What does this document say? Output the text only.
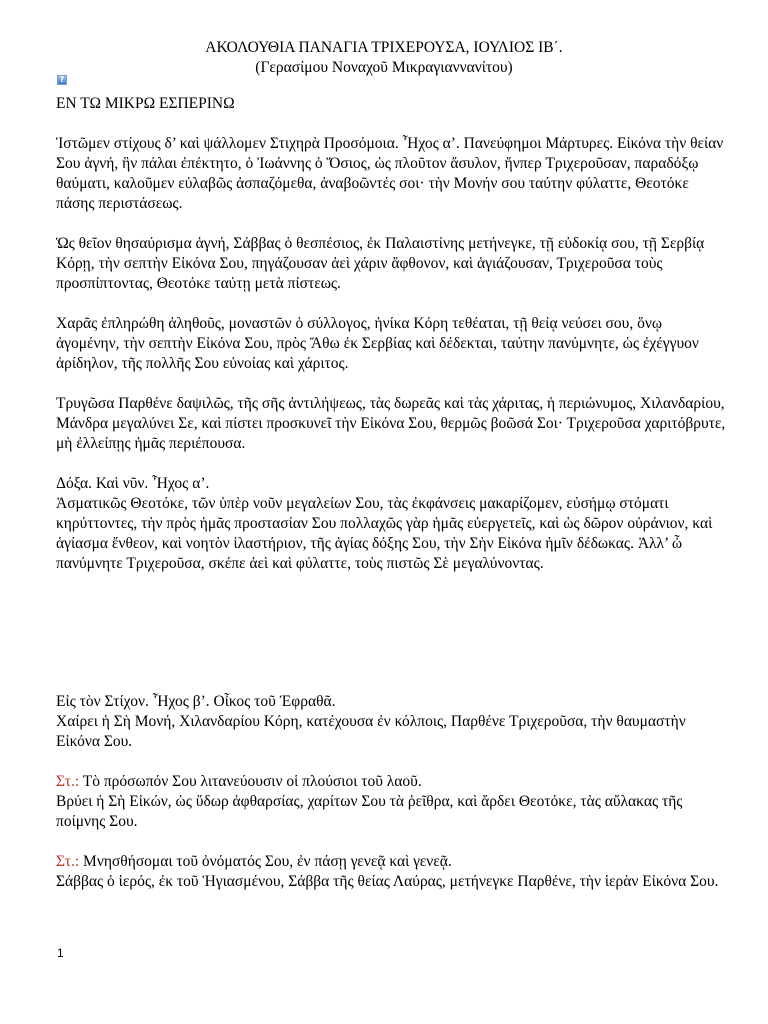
ΑΚΟΛΟΥΘΙΑ ΠΑΝΑΓΙΑ ΤΡΙΧΕΡΟΥΣΑ, ΙΟΥΛΙΟΣ ΙΒ΄.
(Γερασίμου Νοναχοῦ Μικραγιαννανίτου)
?

ΕΝ ΤΩ ΜΙΚΡΩ ΕΣΠΕΡΙΝΩ

Ἱστῶμεν στίχους δ’ καὶ ψάλλομεν Στιχηρὰ Προσόμοια. Ἦχος α’. Πανεύφημοι Μάρτυρες. Εἰκόνα τὴν θείαν Σου ἁγνή, ἣν πάλαι ἐπέκτητο, ὁ Ἰωάννης ὁ Ὅσιος, ὡς πλοῦτον ἄσυλον, ἥνπερ Τριχεροῦσαν, παραδόξῳ θαύματι, καλοῦμεν εὐλαβῶς ἀσπαζόμεθα, ἀναβοῶντές σοι· τὴν Μονήν σου ταύτην φύλαττε, Θεοτόκε πάσης περιστάσεως.

Ὡς θεῖον θησαύρισμα ἁγνή, Σάββας ὁ θεσπέσιος, ἐκ Παλαιστίνης μετήνεγκε, τῇ εὐδοκίᾳ σου, τῇ Σερβίᾳ Κόρῃ, τὴν σεπτὴν Εἰκόνα Σου, πηγάζουσαν ἀεὶ χάριν ἄφθονον, καὶ ἁγιάζουσαν, Τριχεροῦσα τοὺς προσπίπτοντας, Θεοτόκε ταύτῃ μετὰ πίστεως.

Χαρᾶς ἐπληρώθη ἀληθοῦς, μοναστῶν ὁ σύλλογος, ἡνίκα Κόρη τεθέαται, τῇ θείᾳ νεύσει σου, ὅνῳ ἀγομένην, τὴν σεπτὴν Εἰκόνα Σου, πρὸς Ἄθω ἐκ Σερβίας καὶ δέδεκται, ταύτην πανύμνητε, ὡς ἐχέγγυον ἀρίδηλον, τῆς πολλῆς Σου εὐνοίας καὶ χάριτος.

Τρυγῶσα Παρθένε δαψιλῶς, τῆς σῆς ἀντιλήψεως, τὰς δωρεᾶς καὶ τὰς χάριτας, ἡ περιώνυμος, Χιλανδαρίου, Μάνδρα μεγαλύνει Σε, καὶ πίστει προσκυνεῖ τὴν Εἰκόνα Σου, θερμῶς βοῶσά Σοι· Τριχεροῦσα χαριτόβρυτε, μὴ ἐλλείπῃς ἡμᾶς περιέπουσα.

Δόξα. Καὶ νῦν. Ἦχος α’.

Ἀσματικῶς Θεοτόκε, τῶν ὑπὲρ νοῦν μεγαλείων Σου, τὰς ἐκφάνσεις μακαρίζομεν, εὐσήμῳ στόματι κηρύττοντες, τὴν πρὸς ἡμᾶς προστασίαν Σου πολλαχῶς γὰρ ἡμᾶς εὐεργετεῖς, καὶ ὡς δῶρον οὐράνιον, καὶ ἁγίασμα ἔνθεον, καὶ νοητὸν ἱλαστήριον, τῆς ἁγίας δόξης Σου, τὴν Σὴν Εἰκόνα ἡμῖν δέδωκας. Ἀλλ’ ὦ πανύμνητε Τριχεροῦσα, σκέπε ἀεὶ καὶ φύλαττε, τοὺς πιστῶς Σὲ μεγαλύνοντας.

Εἰς τὸν Στίχον. Ἦχος β’. Οἶκος τοῦ Ἐφραθᾶ.

Χαίρει ἡ Σὴ Μονή, Χιλανδαρίου Κόρη, κατέχουσα ἐν κόλποις, Παρθένε Τριχεροῦσα, τὴν θαυμαστὴν Εἰκόνα Σου.

Στ.: Τὸ πρόσωπόν Σου λιτανεύουσιν οἱ πλούσιοι τοῦ λαοῦ.

Βρύει ἡ Σὴ Εἰκών, ὡς ὕδωρ ἀφθαρσίας, χαρίτων Σου τὰ ῥεῖθρα, καὶ ἄρδει Θεοτόκε, τὰς αὔλακας τῆς ποίμνης Σου.

Στ.: Μνησθήσομαι τοῦ ὀνόματός Σου, ἐν πάσῃ γενεᾷ καὶ γενεᾷ.

Σάββας ὁ ἱερός, ἐκ τοῦ Ἡγιασμένου, Σάββα τῆς θείας Λαύρας, μετήνεγκε Παρθένε, τὴν ἱερὰν Εἰκόνα Σου.

1
